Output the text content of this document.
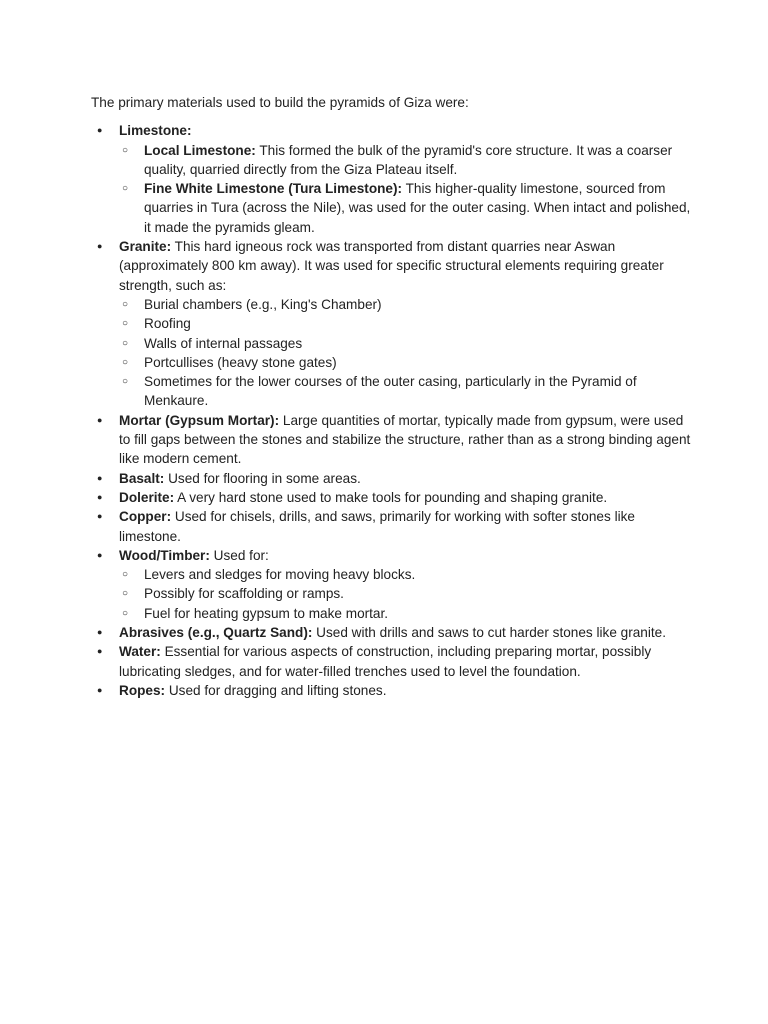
The primary materials used to build the pyramids of Giza were:

● Limestone:
○ Local Limestone: This formed the bulk of the pyramid's core structure. It was a coarser quality, quarried directly from the Giza Plateau itself.
○ Fine White Limestone (Tura Limestone): This higher-quality limestone, sourced from quarries in Tura (across the Nile), was used for the outer casing. When intact and polished, it made the pyramids gleam.
● Granite: This hard igneous rock was transported from distant quarries near Aswan (approximately 800 km away). It was used for specific structural elements requiring greater strength, such as:
○ Burial chambers (e.g., King's Chamber)
○ Roofing
○ Walls of internal passages
○ Portcullises (heavy stone gates)
○ Sometimes for the lower courses of the outer casing, particularly in the Pyramid of Menkaure.
● Mortar (Gypsum Mortar): Large quantities of mortar, typically made from gypsum, were used to fill gaps between the stones and stabilize the structure, rather than as a strong binding agent like modern cement.
● Basalt: Used for flooring in some areas.
● Dolerite: A very hard stone used to make tools for pounding and shaping granite.
● Copper: Used for chisels, drills, and saws, primarily for working with softer stones like limestone.
● Wood/Timber: Used for:
○ Levers and sledges for moving heavy blocks.
○ Possibly for scaffolding or ramps.
○ Fuel for heating gypsum to make mortar.
● Abrasives (e.g., Quartz Sand): Used with drills and saws to cut harder stones like granite.
● Water: Essential for various aspects of construction, including preparing mortar, possibly lubricating sledges, and for water-filled trenches used to level the foundation.
● Ropes: Used for dragging and lifting stones.
